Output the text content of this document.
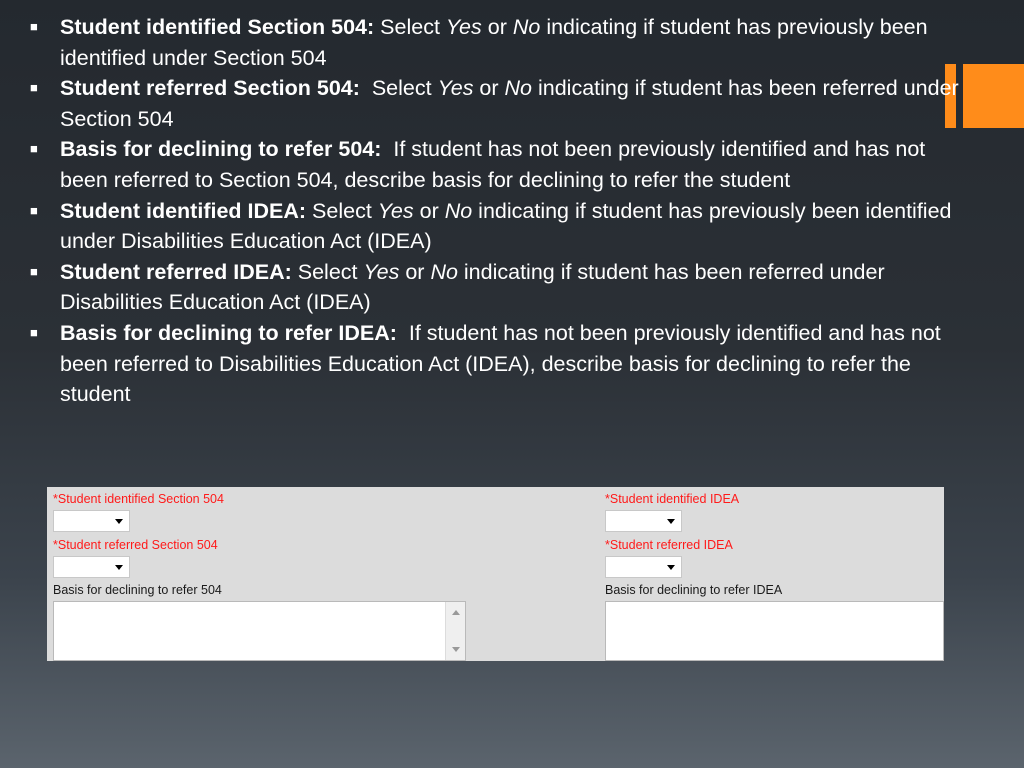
■ Student identified Section 504: Select Yes or No indicating if student has previously been identified under Section 504
■ Student referred Section 504: Select Yes or No indicating if student has been referred under Section 504
■ Basis for declining to refer 504: If student has not been previously identified and has not been referred to Section 504, describe basis for declining to refer the student
■ Student identified IDEA: Select Yes or No indicating if student has previously been identified under Disabilities Education Act (IDEA)
■ Student referred IDEA: Select Yes or No indicating if student has been referred under Disabilities Education Act (IDEA)
■ Basis for declining to refer IDEA: If student has not been previously identified and has not been referred to Disabilities Education Act (IDEA), describe basis for declining to refer the student
*Student identified Section 504
*Student referred Section 504
Basis for declining to refer 504
*Student identified IDEA
*Student referred IDEA
Basis for declining to refer IDEA
